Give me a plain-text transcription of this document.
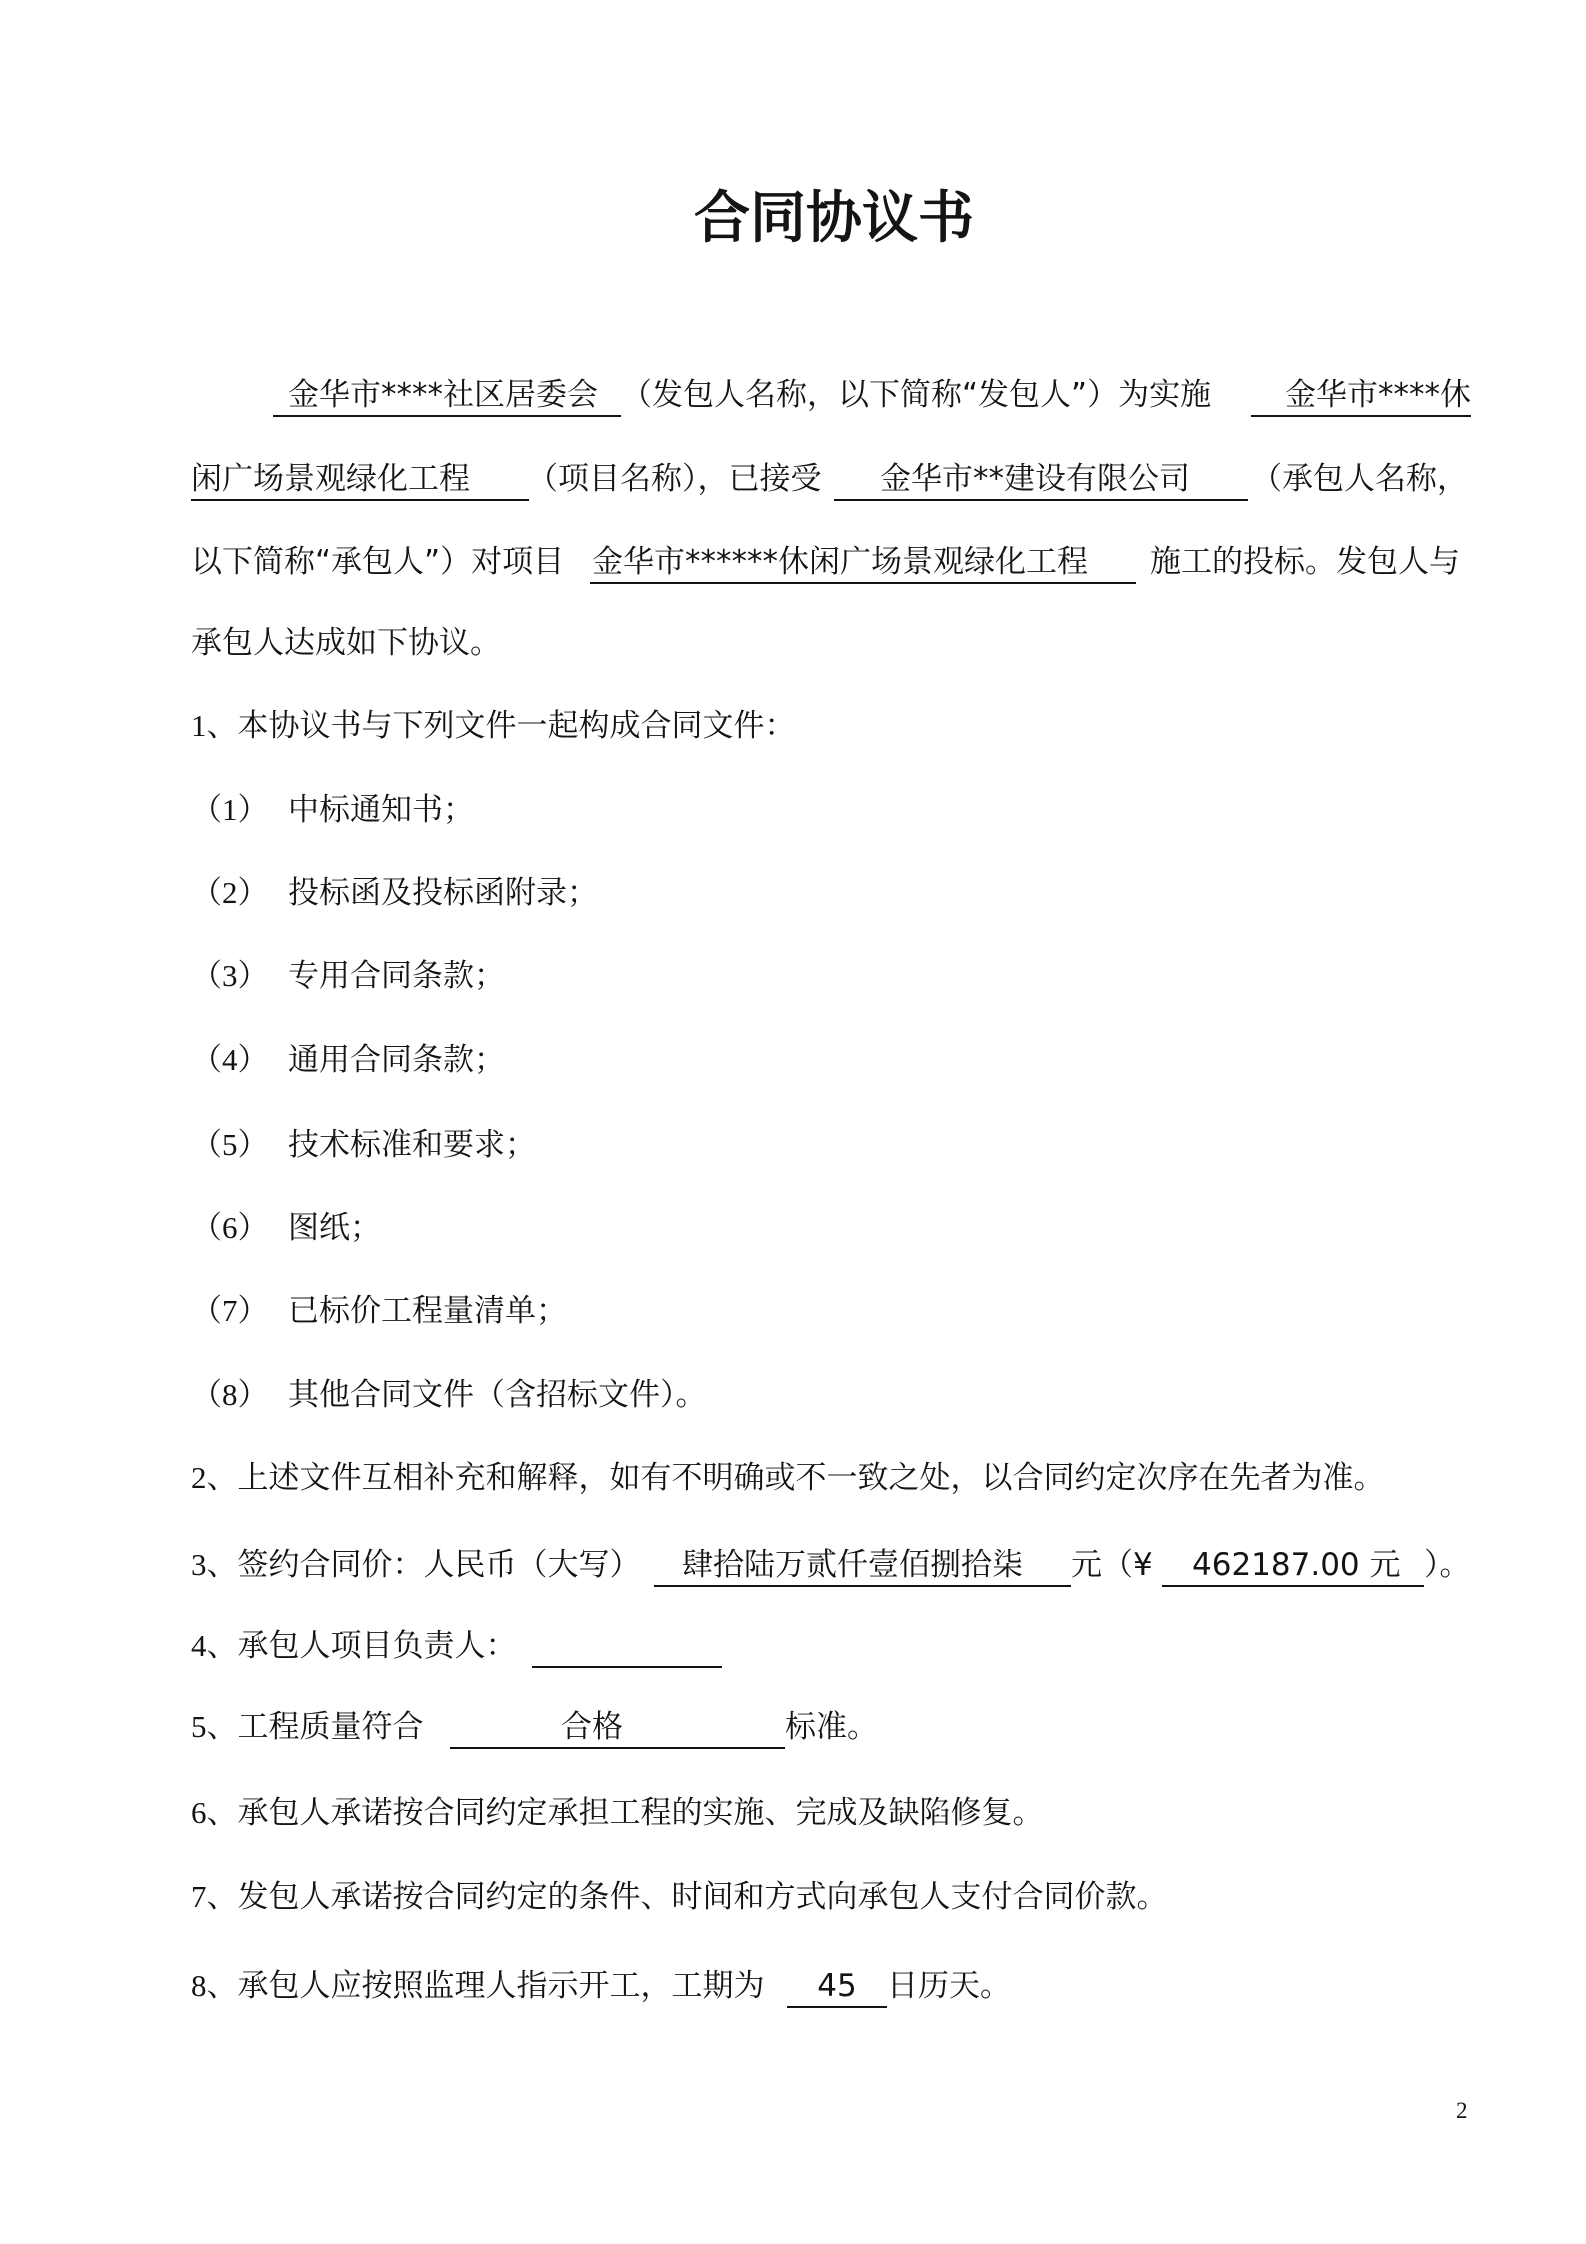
合同协议书
金华市****社区居委会 （发包人名称，以下简称“发包人”）为实施	金华市****休
闲广场景观绿化工程	（项目名称），已接受	金华市**建设有限公司	（承包人名称，
以下简称“承包人”）对项目 金华市******休闲广场景观绿化工程	施工的投标。发包人与
承包人达成如下协议。
1、本协议书与下列文件一起构成合同文件：
（1） 中标通知书；
（2） 投标函及投标函附录；
（3） 专用合同条款；
（4） 通用合同条款；
（5） 技术标准和要求；
（6） 图纸；
（7） 已标价工程量清单；
（8） 其他合同文件（含招标文件）。
2、上述文件互相补充和解释，如有不明确或不一致之处，以合同约定次序在先者为准。
3、签约合同价：人民币（大写）	肆拾陆万贰仟壹佰捌拾柒	元（¥	462187.00 元 ）。
4、承包人项目负责人：
5、工程质量符合	合格	标准。
6、承包人承诺按合同约定承担工程的实施、完成及缺陷修复。
7、发包人承诺按合同约定的条件、时间和方式向承包人支付合同价款。
8、承包人应按照监理人指示开工，工期为	45 日历天。
2
